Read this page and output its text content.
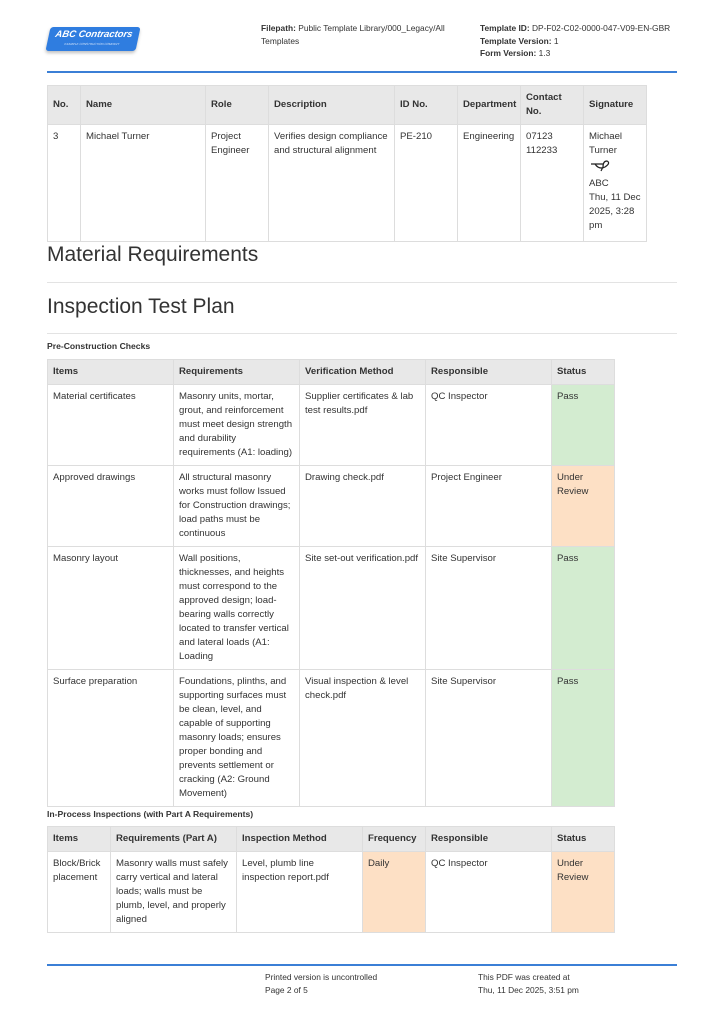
ABC Contractors
EXAMPLE CONSTRUCTION COMPANY
Filepath: Public Template Library/000_Legacy/All Templates
Template ID: DP-F02-C02-0000-047-V09-EN-GBR
Template Version: 1
Form Version: 1.3
No.	Name	Role	Description	ID No.	Department	Contact No.	Signature
3	Michael Turner	Project Engineer	Verifies design compliance and structural alignment	PE-210	Engineering	07123 112233	Michael Turner
ABC
Thu, 11 Dec 2025, 3:28 pm
Material Requirements
Inspection Test Plan
Pre-Construction Checks
Items	Requirements	Verification Method	Responsible	Status
Material certificates	Masonry units, mortar, grout, and reinforcement must meet design strength and durability requirements (A1: loading)	Supplier certificates & lab test results.pdf	QC Inspector	Pass
Approved drawings	All structural masonry works must follow Issued for Construction drawings; load paths must be continuous	Drawing check.pdf	Project Engineer	Under Review
Masonry layout	Wall positions, thicknesses, and heights must correspond to the approved design; load-bearing walls correctly located to transfer vertical and lateral loads (A1: Loading	Site set-out verification.pdf	Site Supervisor	Pass
Surface preparation	Foundations, plinths, and supporting surfaces must be clean, level, and capable of supporting masonry loads; ensures proper bonding and prevents settlement or cracking (A2: Ground Movement)	Visual inspection & level check.pdf	Site Supervisor	Pass
In-Process Inspections (with Part A Requirements)
Items	Requirements (Part A)	Inspection Method	Frequency	Responsible	Status
Block/Brick placement	Masonry walls must safely carry vertical and lateral loads; walls must be plumb, level, and properly aligned	Level, plumb line inspection report.pdf	Daily	QC Inspector	Under Review
Printed version is uncontrolled
Page 2 of 5
This PDF was created at
Thu, 11 Dec 2025, 3:51 pm
